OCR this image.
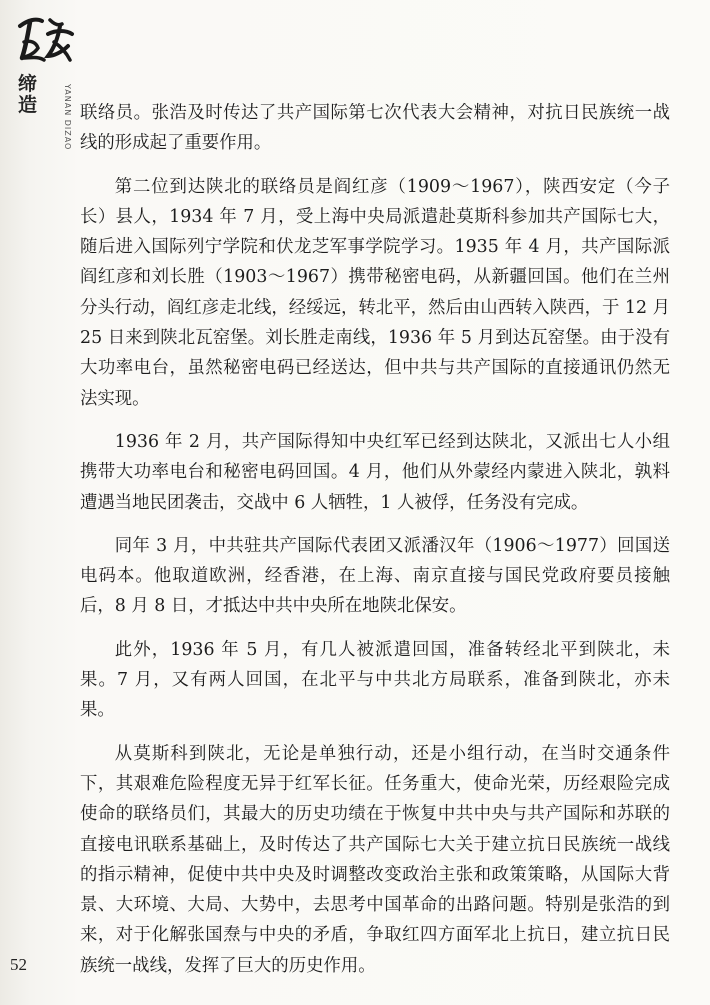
缔造	YANAN DIZAO 联络员。张浩及时传达了共产国际第七次代表大会精神，对抗日民族统一战线的形成起了重要作用。

第二位到达陕北的联络员是阎红彦（1909～1967），陕西安定（今子长）县人，1934 年 7 月，受上海中央局派遣赴莫斯科参加共产国际七大，随后进入国际列宁学院和伏龙芝军事学院学习。1935 年 4 月，共产国际派阎红彦和刘长胜（1903～1967）携带秘密电码，从新疆回国。他们在兰州分头行动，阎红彦走北线，经绥远，转北平，然后由山西转入陕西，于 12 月 25 日来到陕北瓦窑堡。刘长胜走南线，1936 年 5 月到达瓦窑堡。由于没有大功率电台，虽然秘密电码已经送达，但中共与共产国际的直接通讯仍然无法实现。

1936 年 2 月，共产国际得知中央红军已经到达陕北，又派出七人小组携带大功率电台和秘密电码回国。4 月，他们从外蒙经内蒙进入陕北，孰料遭遇当地民团袭击，交战中 6 人牺牲，1 人被俘，任务没有完成。

同年 3 月，中共驻共产国际代表团又派潘汉年（1906～1977）回国送电码本。他取道欧洲，经香港，在上海、南京直接与国民党政府要员接触后，8 月 8 日，才抵达中共中央所在地陕北保安。

此外，1936 年 5 月，有几人被派遣回国，准备转经北平到陕北，未果。7 月，又有两人回国，在北平与中共北方局联系，准备到陕北，亦未果。

从莫斯科到陕北，无论是单独行动，还是小组行动，在当时交通条件下，其艰难危险程度无异于红军长征。任务重大，使命光荣，历经艰险完成使命的联络员们，其最大的历史功绩在于恢复中共中央与共产国际和苏联的直接电讯联系基础上，及时传达了共产国际七大关于建立抗日民族统一战线的指示精神，促使中共中央及时调整改变政治主张和政策策略，从国际大背景、大环境、大局、大势中，去思考中国革命的出路问题。特别是张浩的到来，对于化解张国焘与中央的矛盾，争取红四方面军北上抗日，建立抗日民族统一战线，发挥了巨大的历史作用。

52
